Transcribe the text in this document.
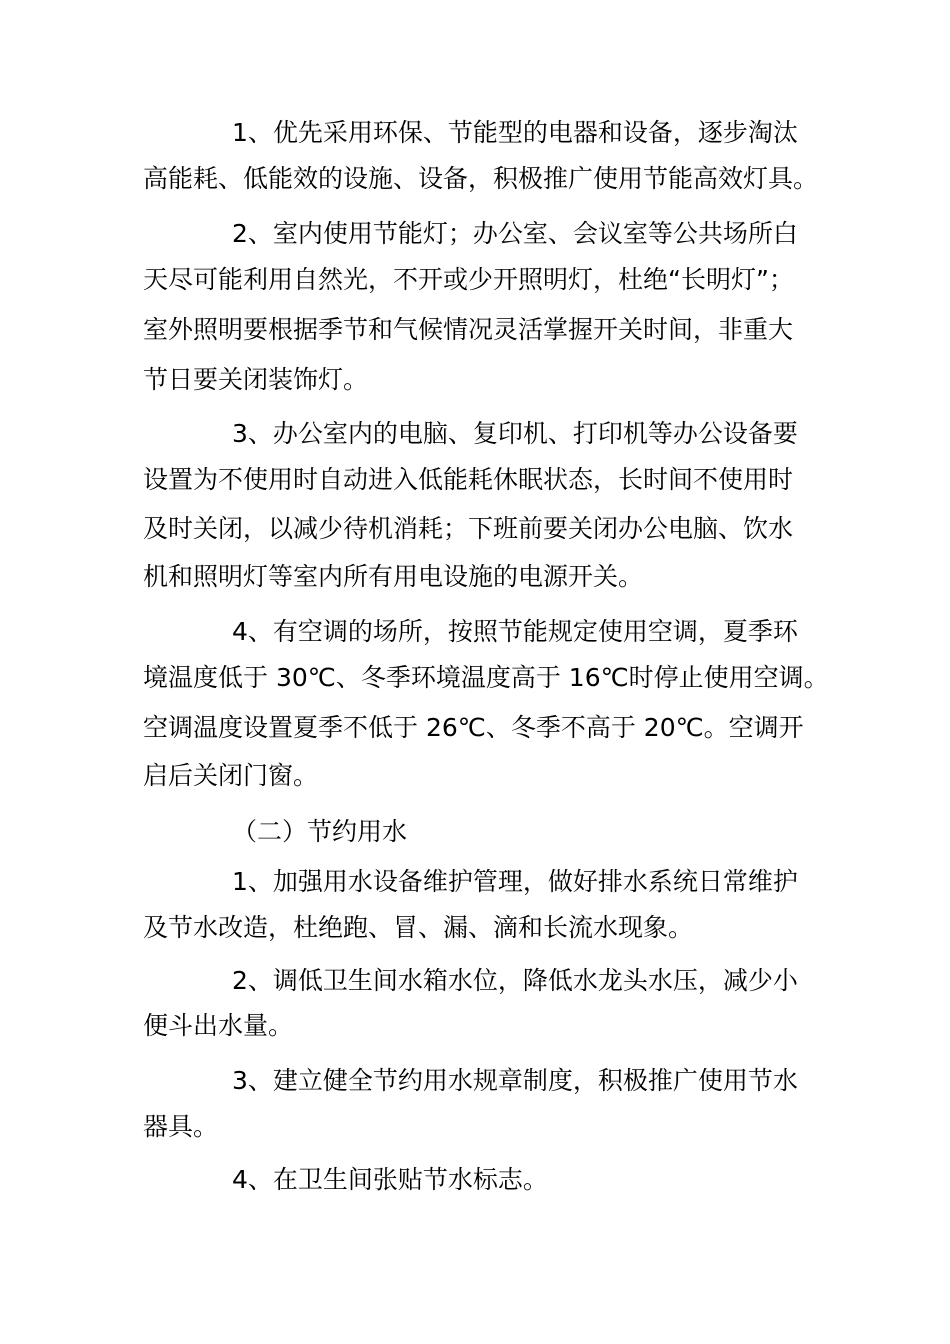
1、优先采用环保、节能型的电器和设备，逐步淘汰
高能耗、低能效的设施、设备，积极推广使用节能高效灯具。
2、室内使用节能灯；办公室、会议室等公共场所白
天尽可能利用自然光，不开或少开照明灯，杜绝“长明灯”；
室外照明要根据季节和气候情况灵活掌握开关时间，非重大
节日要关闭装饰灯。
3、办公室内的电脑、复印机、打印机等办公设备要
设置为不使用时自动进入低能耗休眠状态，长时间不使用时
及时关闭，以减少待机消耗；下班前要关闭办公电脑、饮水
机和照明灯等室内所有用电设施的电源开关。
4、有空调的场所，按照节能规定使用空调，夏季环
境温度低于 30℃、冬季环境温度高于 16℃时停止使用空调。
空调温度设置夏季不低于 26℃、冬季不高于 20℃。空调开
启后关闭门窗。
（二）节约用水
1、加强用水设备维护管理，做好排水系统日常维护
及节水改造，杜绝跑、冒、漏、滴和长流水现象。
2、调低卫生间水箱水位，降低水龙头水压，减少小
便斗出水量。
3、建立健全节约用水规章制度，积极推广使用节水
器具。
4、在卫生间张贴节水标志。
